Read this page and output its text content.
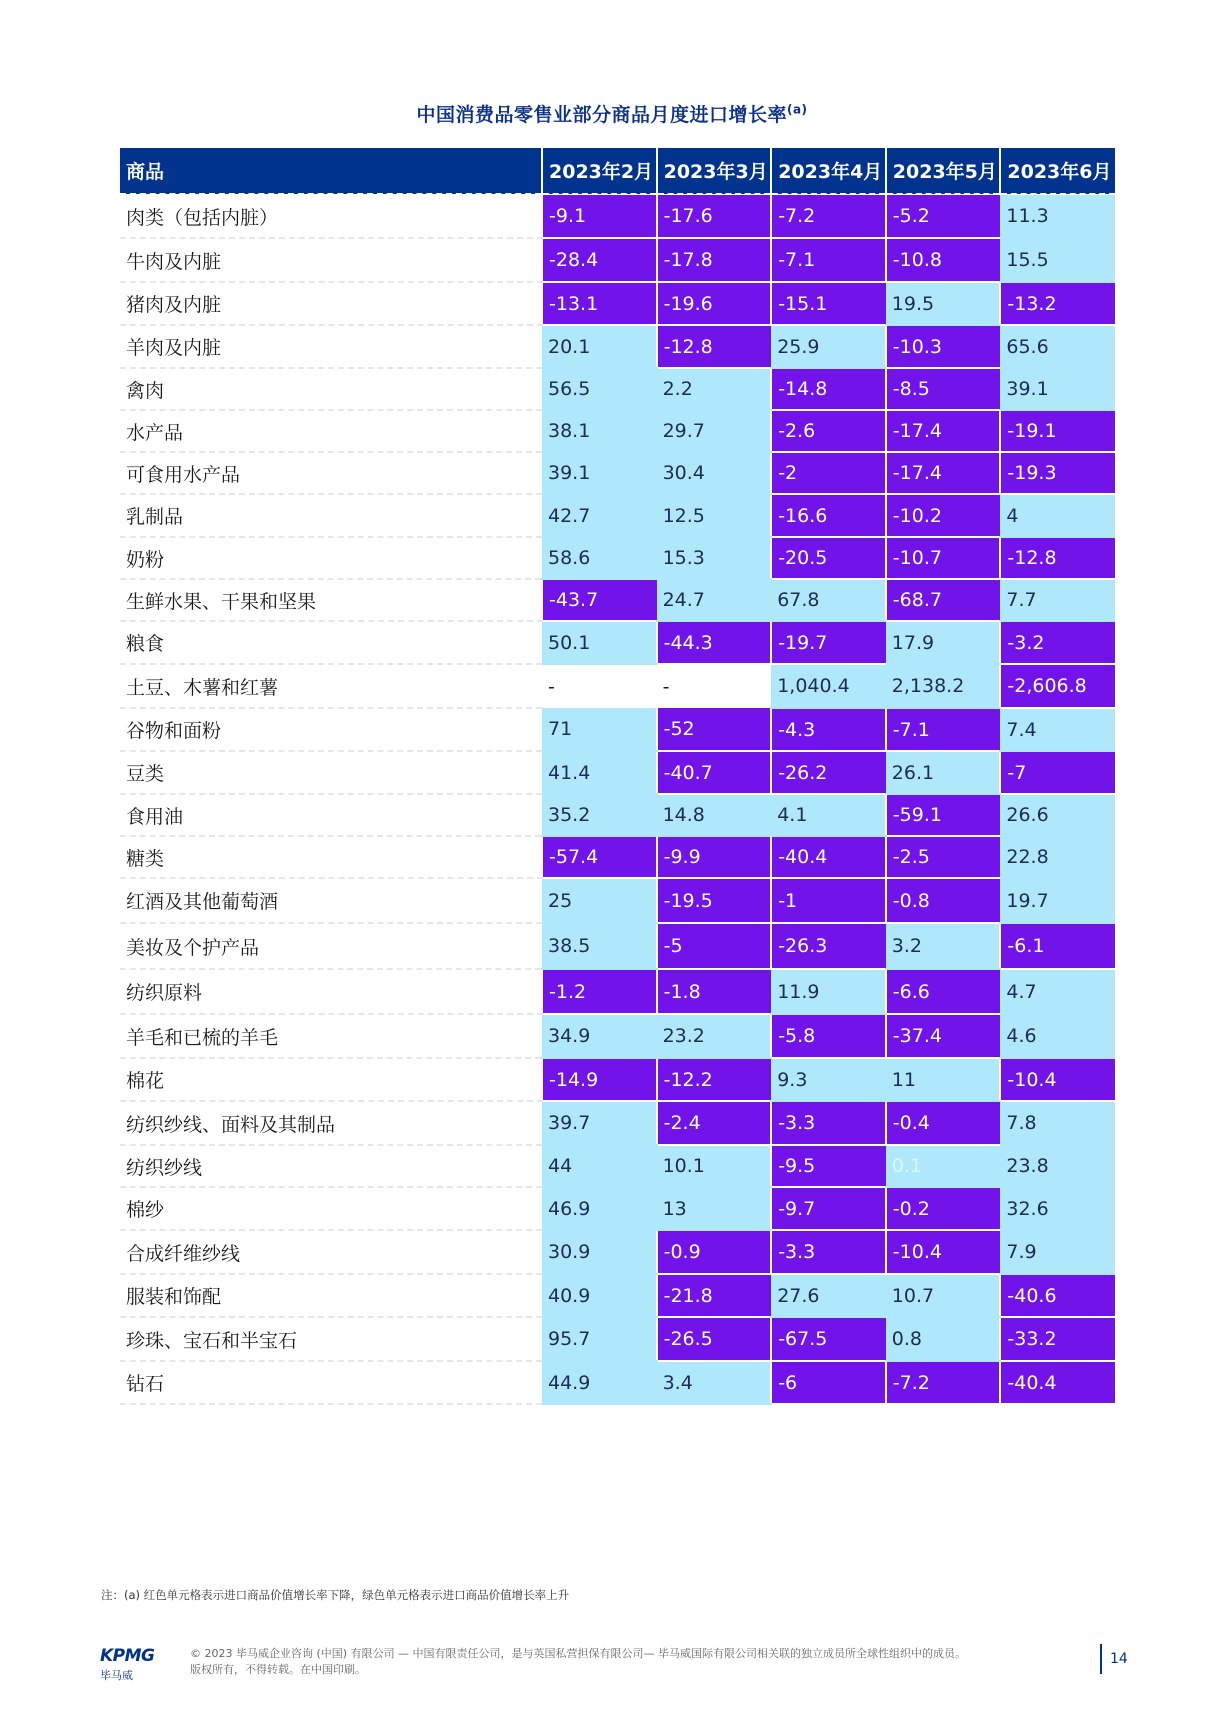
中国消费品零售业部分商品月度进口增长率$^{(a)}$
商品	2023年2月	2023年3月	2023年4月	2023年5月	2023年6月
肉类（包括内脏）	-9.1	-17.6	-7.2	-5.2	11.3
牛肉及内脏	-28.4	-17.8	-7.1	-10.8	15.5
猪肉及内脏	-13.1	-19.6	-15.1	19.5	-13.2
羊肉及内脏	20.1	-12.8	25.9	-10.3	65.6
禽肉	56.5	2.2	-14.8	-8.5	39.1
水产品	38.1	29.7	-2.6	-17.4	-19.1
可食用水产品	39.1	30.4	-2	-17.4	-19.3
乳制品	42.7	12.5	-16.6	-10.2	4
奶粉	58.6	15.3	-20.5	-10.7	-12.8
生鲜水果、干果和坚果	-43.7	24.7	67.8	-68.7	7.7
粮食	50.1	-44.3	-19.7	17.9	-3.2
土豆、木薯和红薯	-	-	1,040.4	2,138.2	-2,606.8
谷物和面粉	71	-52	-4.3	-7.1	7.4
豆类	41.4	-40.7	-26.2	26.1	-7
食用油	35.2	14.8	4.1	-59.1	26.6
糖类	-57.4	-9.9	-40.4	-2.5	22.8
红酒及其他葡萄酒	25	-19.5	-1	-0.8	19.7
美妆及个护产品	38.5	-5	-26.3	3.2	-6.1
纺织原料	-1.2	-1.8	11.9	-6.6	4.7
羊毛和已梳的羊毛	34.9	23.2	-5.8	-37.4	4.6
棉花	-14.9	-12.2	9.3	11	-10.4
纺织纱线、面料及其制品	39.7	-2.4	-3.3	-0.4	7.8
纺织纱线	44	10.1	-9.5	0.1	23.8
棉纱	46.9	13	-9.7	-0.2	32.6
合成纤维纱线	30.9	-0.9	-3.3	-10.4	7.9
服装和饰配	40.9	-21.8	27.6	10.7	-40.6
珍珠、宝石和半宝石	95.7	-26.5	-67.5	0.8	-33.2
钻石	44.9	3.4	-6	-7.2	-40.4
注：(a) 红色单元格表示进口商品价值增长率下降，绿色单元格表示进口商品价值增长率上升
KPMG
毕马威
© 2023 毕马威企业咨询 (中国) 有限公司 — 中国有限责任公司，是与英国私营担保有限公司— 毕马威国际有限公司相关联的独立成员所全球性组织中的成员。
版权所有，不得转载。在中国印刷。
14
